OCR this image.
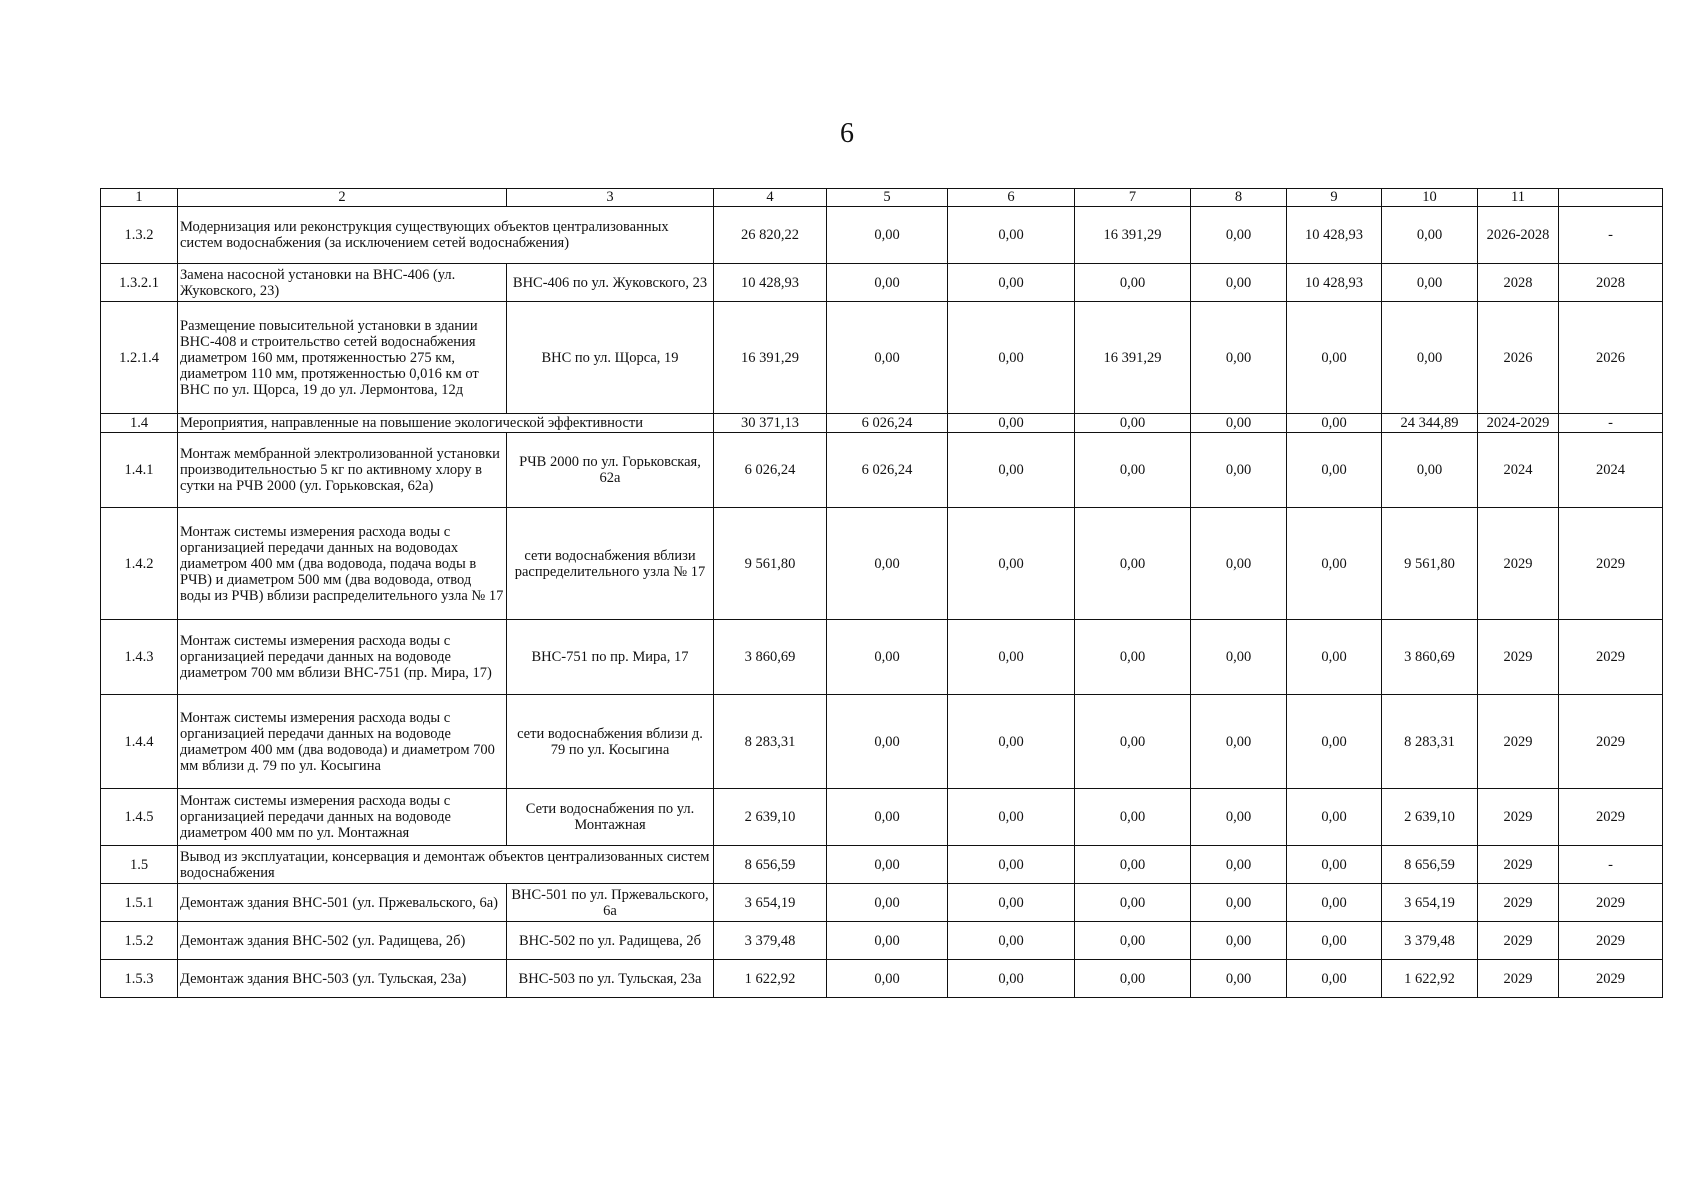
6
1	2	3	4	5	6	7	8	9	10	11	
1.3.2	Модернизация или реконструкция существующих объектов централизованных систем водоснабжения (за исключением сетей водоснабжения)		26 820,22	0,00	0,00	16 391,29	0,00	10 428,93	0,00	2026-2028	-
1.3.2.1	Замена насосной установки на ВНС-406 (ул. Жуковского, 23)	ВНС-406 по ул. Жуковского, 23	10 428,93	0,00	0,00	0,00	0,00	10 428,93	0,00	2028	2028
1.2.1.4	Размещение повысительной установки в здании ВНС-408 и строительство сетей водоснабжения диаметром 160 мм, протяженностью 275 км, диаметром 110 мм, протяженностью 0,016 км от ВНС по ул. Щорса, 19 до ул. Лермонтова, 12д	ВНС по ул. Щорса, 19	16 391,29	0,00	0,00	16 391,29	0,00	0,00	0,00	2026	2026
1.4	Мероприятия, направленные на повышение экологической эффективности		30 371,13	6 026,24	0,00	0,00	0,00	0,00	24 344,89	2024-2029	-
1.4.1	Монтаж мембранной электролизованной установки производительностью 5 кг по активному хлору в сутки на РЧВ 2000 (ул. Горьковская, 62а)	РЧВ 2000 по ул. Горьковская, 62а	6 026,24	6 026,24	0,00	0,00	0,00	0,00	0,00	2024	2024
1.4.2	Монтаж системы измерения расхода воды с организацией передачи данных на водоводах диаметром 400 мм (два водовода, подача воды в РЧВ) и диаметром 500 мм (два водовода, отвод воды из РЧВ) вблизи распределительного узла № 17	сети водоснабжения вблизи распределительного узла № 17	9 561,80	0,00	0,00	0,00	0,00	0,00	9 561,80	2029	2029
1.4.3	Монтаж системы измерения расхода воды с организацией передачи данных на водоводе диаметром 700 мм вблизи ВНС-751 (пр. Мира, 17)	ВНС-751 по пр. Мира, 17	3 860,69	0,00	0,00	0,00	0,00	0,00	3 860,69	2029	2029
1.4.4	Монтаж системы измерения расхода воды с организацией передачи данных на водоводе диаметром 400 мм (два водовода) и диаметром 700 мм вблизи д. 79 по ул. Косыгина	сети водоснабжения вблизи д. 79 по ул. Косыгина	8 283,31	0,00	0,00	0,00	0,00	0,00	8 283,31	2029	2029
1.4.5	Монтаж системы измерения расхода воды с организацией передачи данных на водоводе диаметром 400 мм по ул. Монтажная	Сети водоснабжения по ул. Монтажная	2 639,10	0,00	0,00	0,00	0,00	0,00	2 639,10	2029	2029
1.5	Вывод из эксплуатации, консервация и демонтаж объектов централизованных систем водоснабжения		8 656,59	0,00	0,00	0,00	0,00	0,00	8 656,59	2029	-
1.5.1	Демонтаж здания ВНС-501 (ул. Пржевальского, 6а)	ВНС-501 по ул. Пржевальского, 6а	3 654,19	0,00	0,00	0,00	0,00	0,00	3 654,19	2029	2029
1.5.2	Демонтаж здания ВНС-502 (ул. Радищева, 2б)	ВНС-502 по ул. Радищева, 2б	3 379,48	0,00	0,00	0,00	0,00	0,00	3 379,48	2029	2029
1.5.3	Демонтаж здания ВНС-503 (ул. Тульская, 23а)	ВНС-503 по ул. Тульская, 23а	1 622,92	0,00	0,00	0,00	0,00	0,00	1 622,92	2029	2029
